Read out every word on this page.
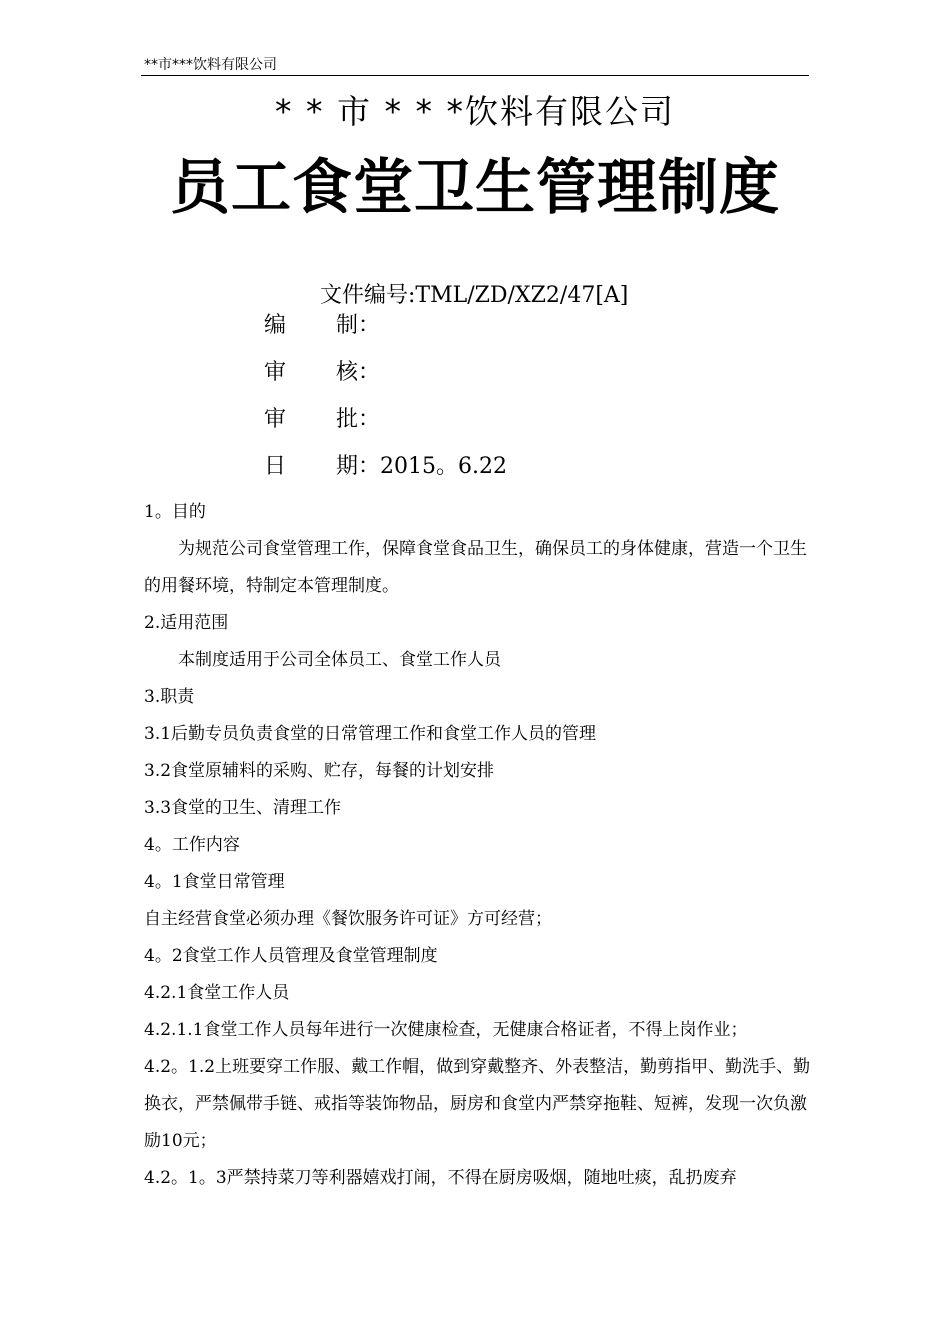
**市***饮料有限公司
* * 市 * * *饮料有限公司
员工食堂卫生管理制度
文件编号:TML/ZD/XZ2/47[A]
编	制：
审	核：
审	批：
日	期：2015。6.22

1。目的

为规范公司食堂管理工作，保障食堂食品卫生，确保员工的身体健康，营造一个卫生的用餐环境，特制定本管理制度。

2.适用范围

本制度适用于公司全体员工、食堂工作人员

3.职责

3.1后勤专员负责食堂的日常管理工作和食堂工作人员的管理

3.2食堂原辅料的采购、贮存，每餐的计划安排

3.3食堂的卫生、清理工作

4。工作内容

4。1食堂日常管理

自主经营食堂必须办理《餐饮服务许可证》方可经营；

4。2食堂工作人员管理及食堂管理制度

4.2.1食堂工作人员

4.2.1.1食堂工作人员每年进行一次健康检查，无健康合格证者，不得上岗作业；

4.2。1.2上班要穿工作服、戴工作帽，做到穿戴整齐、外表整洁，勤剪指甲、勤洗手、勤换衣，严禁佩带手链、戒指等装饰物品，厨房和食堂内严禁穿拖鞋、短裤，发现一次负激励10元；

4.2。1。3严禁持菜刀等利器嬉戏打闹，不得在厨房吸烟，随地吐痰，乱扔废弃
